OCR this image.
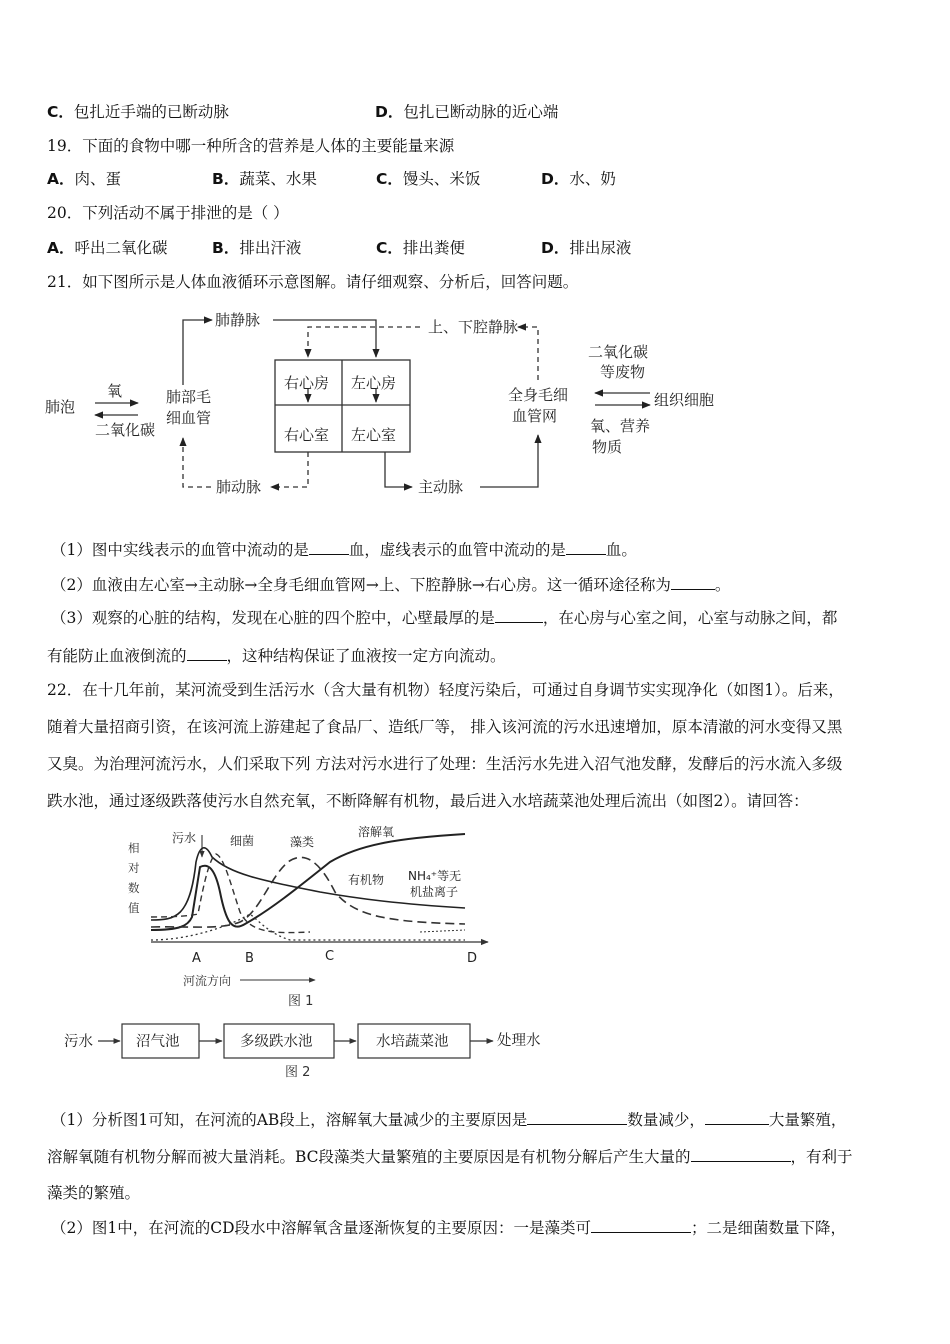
C．包扎近手端的已断动脉	D．包扎已断动脉的近心端
19．下面的食物中哪一种所含的营养是人体的主要能量来源
A．肉、蛋	B．蔬菜、水果	C．馒头、米饭	D．水、奶
20．下列活动不属于排泄的是（ ）
A．呼出二氧化碳	B．排出汗液	C．排出粪便	D．排出尿液
21．如下图所示是人体血液循环示意图解。请仔细观察、分析后，回答问题。
肺静脉	上、下腔静脉
二氧化碳
等废物
右心房 左心房
右心室 左心室
肺泡
氧
二氧化碳
肺部毛
细血管
全身毛细
血管网
组织细胞
氧、营养
物质
肺动脉	主动脉
（1）图中实线表示的血管中流动的是	血，虚线表示的血管中流动的是	血。
（2）血液由左心室→主动脉→全身毛细血管网→上、下腔静脉→右心房。这一循环途径称为	。
（3）观察的心脏的结构，发现在心脏的四个腔中，心壁最厚的是	，在心房与心室之间，心室与动脉之间，都
有能防止血液倒流的	，这种结构保证了血液按一定方向流动。
22．在十几年前，某河流受到生活污水（含大量有机物）轻度污染后，可通过自身调节实实现净化（如图1）。后来，
随着大量招商引资，在该河流上游建起了食品厂、造纸厂等， 排入该河流的污水迅速增加，原本清澈的河水变得又黑
又臭。为治理河流污水，人们采取下列 方法对污水进行了处理：生活污水先进入沼气池发酵，发酵后的污水流入多级
跌水池，通过逐级跌落使污水自然充氧，不断降解有机物，最后进入水培蔬菜池处理后流出（如图2）。请回答：
相
对
数
值
污水	细菌	藻类
溶解氧
有机物 NH₄⁺等无
机盐离子
A	B	C	D
河流方向
图 1
污水	处理水
沼气池	多级跌水池	水培蔬菜池
图 2
（1）分析图1可知，在河流的AB段上，溶解氧大量减少的主要原因是	数量减少，	大量繁殖，
溶解氧随有机物分解而被大量消耗。BC段藻类大量繁殖的主要原因是有机物分解后产生大量的	，有利于
藻类的繁殖。
（2）图1中，在河流的CD段水中溶解氧含量逐渐恢复的主要原因：一是藻类可	；二是细菌数量下降，
